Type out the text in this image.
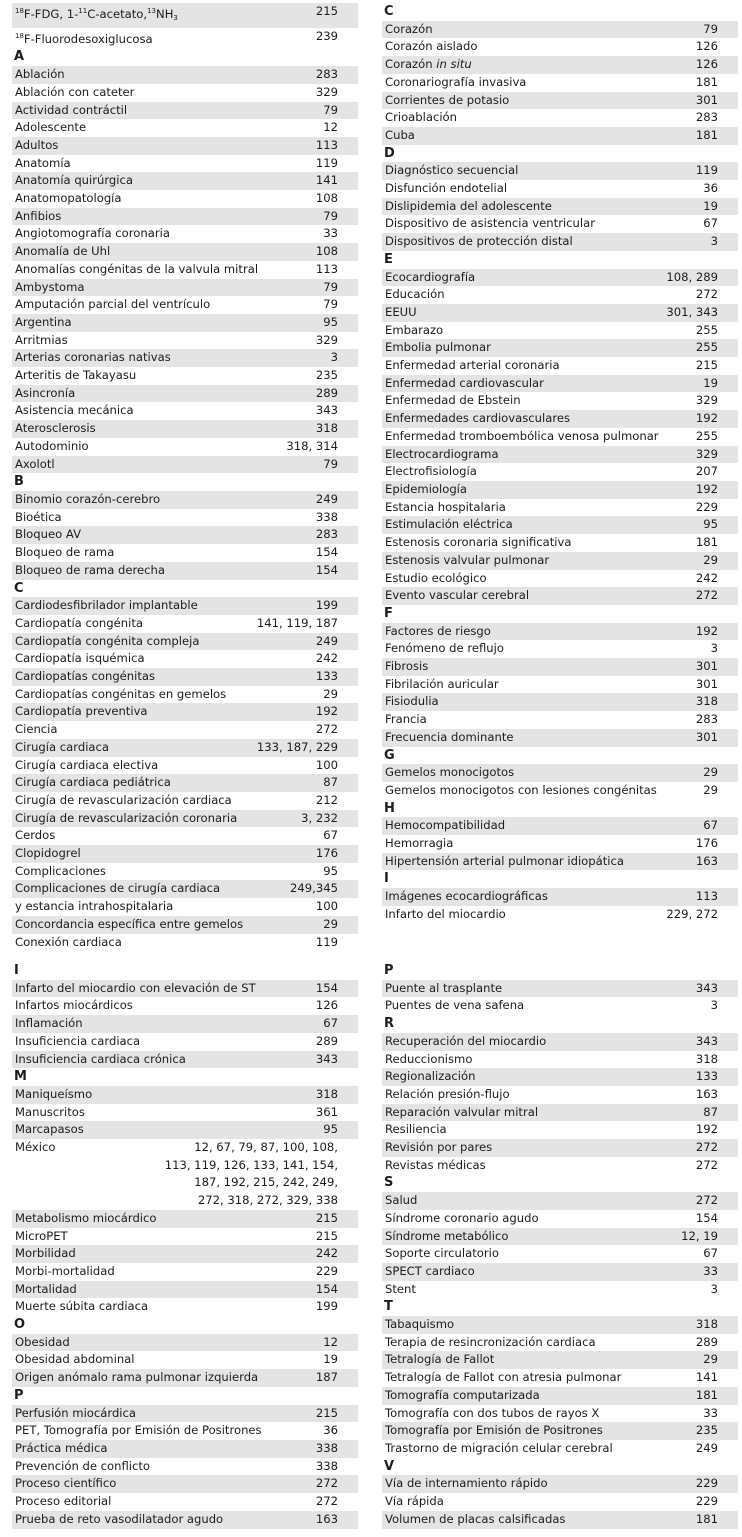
$^{18}$F-FDG, $1-^{11}C-acetato,^{13}NH_3$	215
$^{18}$F-Fluorodesoxiglucosa	239
A
Ablación	283
Ablación con cateter	329
Actividad contráctil	79
Adolescente	12
Adultos	113
Anatomía	119
Anatomía quirúrgica	141
Anatomopatología	108
Anfibios	79
Angiotomografía coronaria	33
Anomalía de Uhl	108
Anomalías congénitas de la valvula mitral	113
Ambystoma	79
Amputación parcial del ventrículo	79
Argentina	95
Arritmias	329
Arterias coronarias nativas	3
Arteritis de Takayasu	235
Asincronía	289
Asistencia mecánica	343
Aterosclerosis	318
Autodominio	318, 314
Axolotl	79
B
Binomio corazón-cerebro	249
Bioética	338
Bloqueo AV	283
Bloqueo de rama	154
Bloqueo de rama derecha	154
C
Cardiodesfibrilador implantable	199
Cardiopatía congénita	141, 119, 187
Cardiopatía congénita compleja	249
Cardiopatía isquémica	242
Cardiopatías congénitas	133
Cardiopatías congénitas en gemelos	29
Cardiopatía preventiva	192
Ciencia	272
Cirugía cardiaca	133, 187, 229
Cirugía cardiaca electiva	100
Cirugía cardiaca pediátrica	87
Cirugía de revascularización cardiaca	212
Cirugía de revascularización coronaria	3, 232
Cerdos	67
Clopidogrel	176
Complicaciones	95
Complicaciones de cirugía cardiaca	249,345
y estancia intrahospitalaria	100
Concordancia específica entre gemelos	29
Conexión cardiaca	119
C
Corazón	79
Corazón aislado	126
Corazón in situ	126
Coronariografía invasiva	181
Corrientes de potasio	301
Crioablación	283
Cuba	181
D
Diagnóstico secuencial	119
Disfunción endotelial	36
Dislipidemia del adolescente	19
Dispositivo de asistencia ventricular	67
Dispositivos de protección distal	3
E
Ecocardiografía	108, 289
Educación	272
EEUU	301, 343
Embarazo	255
Embolia pulmonar	255
Enfermedad arterial coronaria	215
Enfermedad cardiovascular	19
Enfermedad de Ebstein	329
Enfermedades cardiovasculares	192
Enfermedad tromboembólica venosa pulmonar	255
Electrocardiograma	329
Electrofisiología	207
Epidemiología	192
Estancia hospitalaria	229
Estimulación eléctrica	95
Estenosis coronaria significativa	181
Estenosis valvular pulmonar	29
Estudio ecológico	242
Evento vascular cerebral	272
F
Factores de riesgo	192
Fenómeno de reflujo	3
Fibrosis	301
Fibrilación auricular	301
Fisiodulia	318
Francia	283
Frecuencia dominante	301
G
Gemelos monocigotos	29
Gemelos monocigotos con lesiones congénitas	29
H
Hemocompatibilidad	67
Hemorragia	176
Hipertensión arterial pulmonar idiopática	163
I
Imágenes ecocardiográficas	113
Infarto del miocardio	229, 272
I
Infarto del miocardio con elevación de ST	154
Infartos miocárdicos	126
Inflamación	67
Insuficiencia cardiaca	289
Insuficiencia cardiaca crónica	343
M
Maniqueísmo	318
Manuscritos	361
Marcapasos	95
México	12, 67, 79, 87, 100, 108,
113, 119, 126, 133, 141, 154,
187, 192, 215, 242, 249,
272, 318, 272, 329, 338
Metabolismo miocárdico	215
MicroPET	215
Morbilidad	242
Morbi-mortalidad	229
Mortalidad	154
Muerte súbita cardiaca	199
O
Obesidad	12
Obesidad abdominal	19
Origen anómalo rama pulmonar izquierda	187
P
Perfusión miocárdica	215
PET, Tomografía por Emisión de Positrones	36
Práctica médica	338
Prevención de conflicto	338
Proceso científico	272
Proceso editorial	272
Prueba de reto vasodilatador agudo	163
P
Puente al trasplante	343
Puentes de vena safena	3
R
Recuperación del miocardio	343
Reduccionismo	318
Regionalización	133
Relación presión-flujo	163
Reparación valvular mitral	87
Resiliencia	192
Revisión por pares	272
Revistas médicas	272
S
Salud	272
Síndrome coronario agudo	154
Síndrome metabólico	12, 19
Soporte circulatorio	67
SPECT cardiaco	33
Stent	3
T
Tabaquismo	318
Terapia de resincronización cardiaca	289
Tetralogía de Fallot	29
Tetralogía de Fallot con atresia pulmonar	141
Tomografía computarizada	181
Tomografía con dos tubos de rayos X	33
Tomografía por Emisión de Positrones	235
Trastorno de migración celular cerebral	249
V
Vía de internamiento rápido	229
Vía rápida	229
Volumen de placas calsificadas	181
